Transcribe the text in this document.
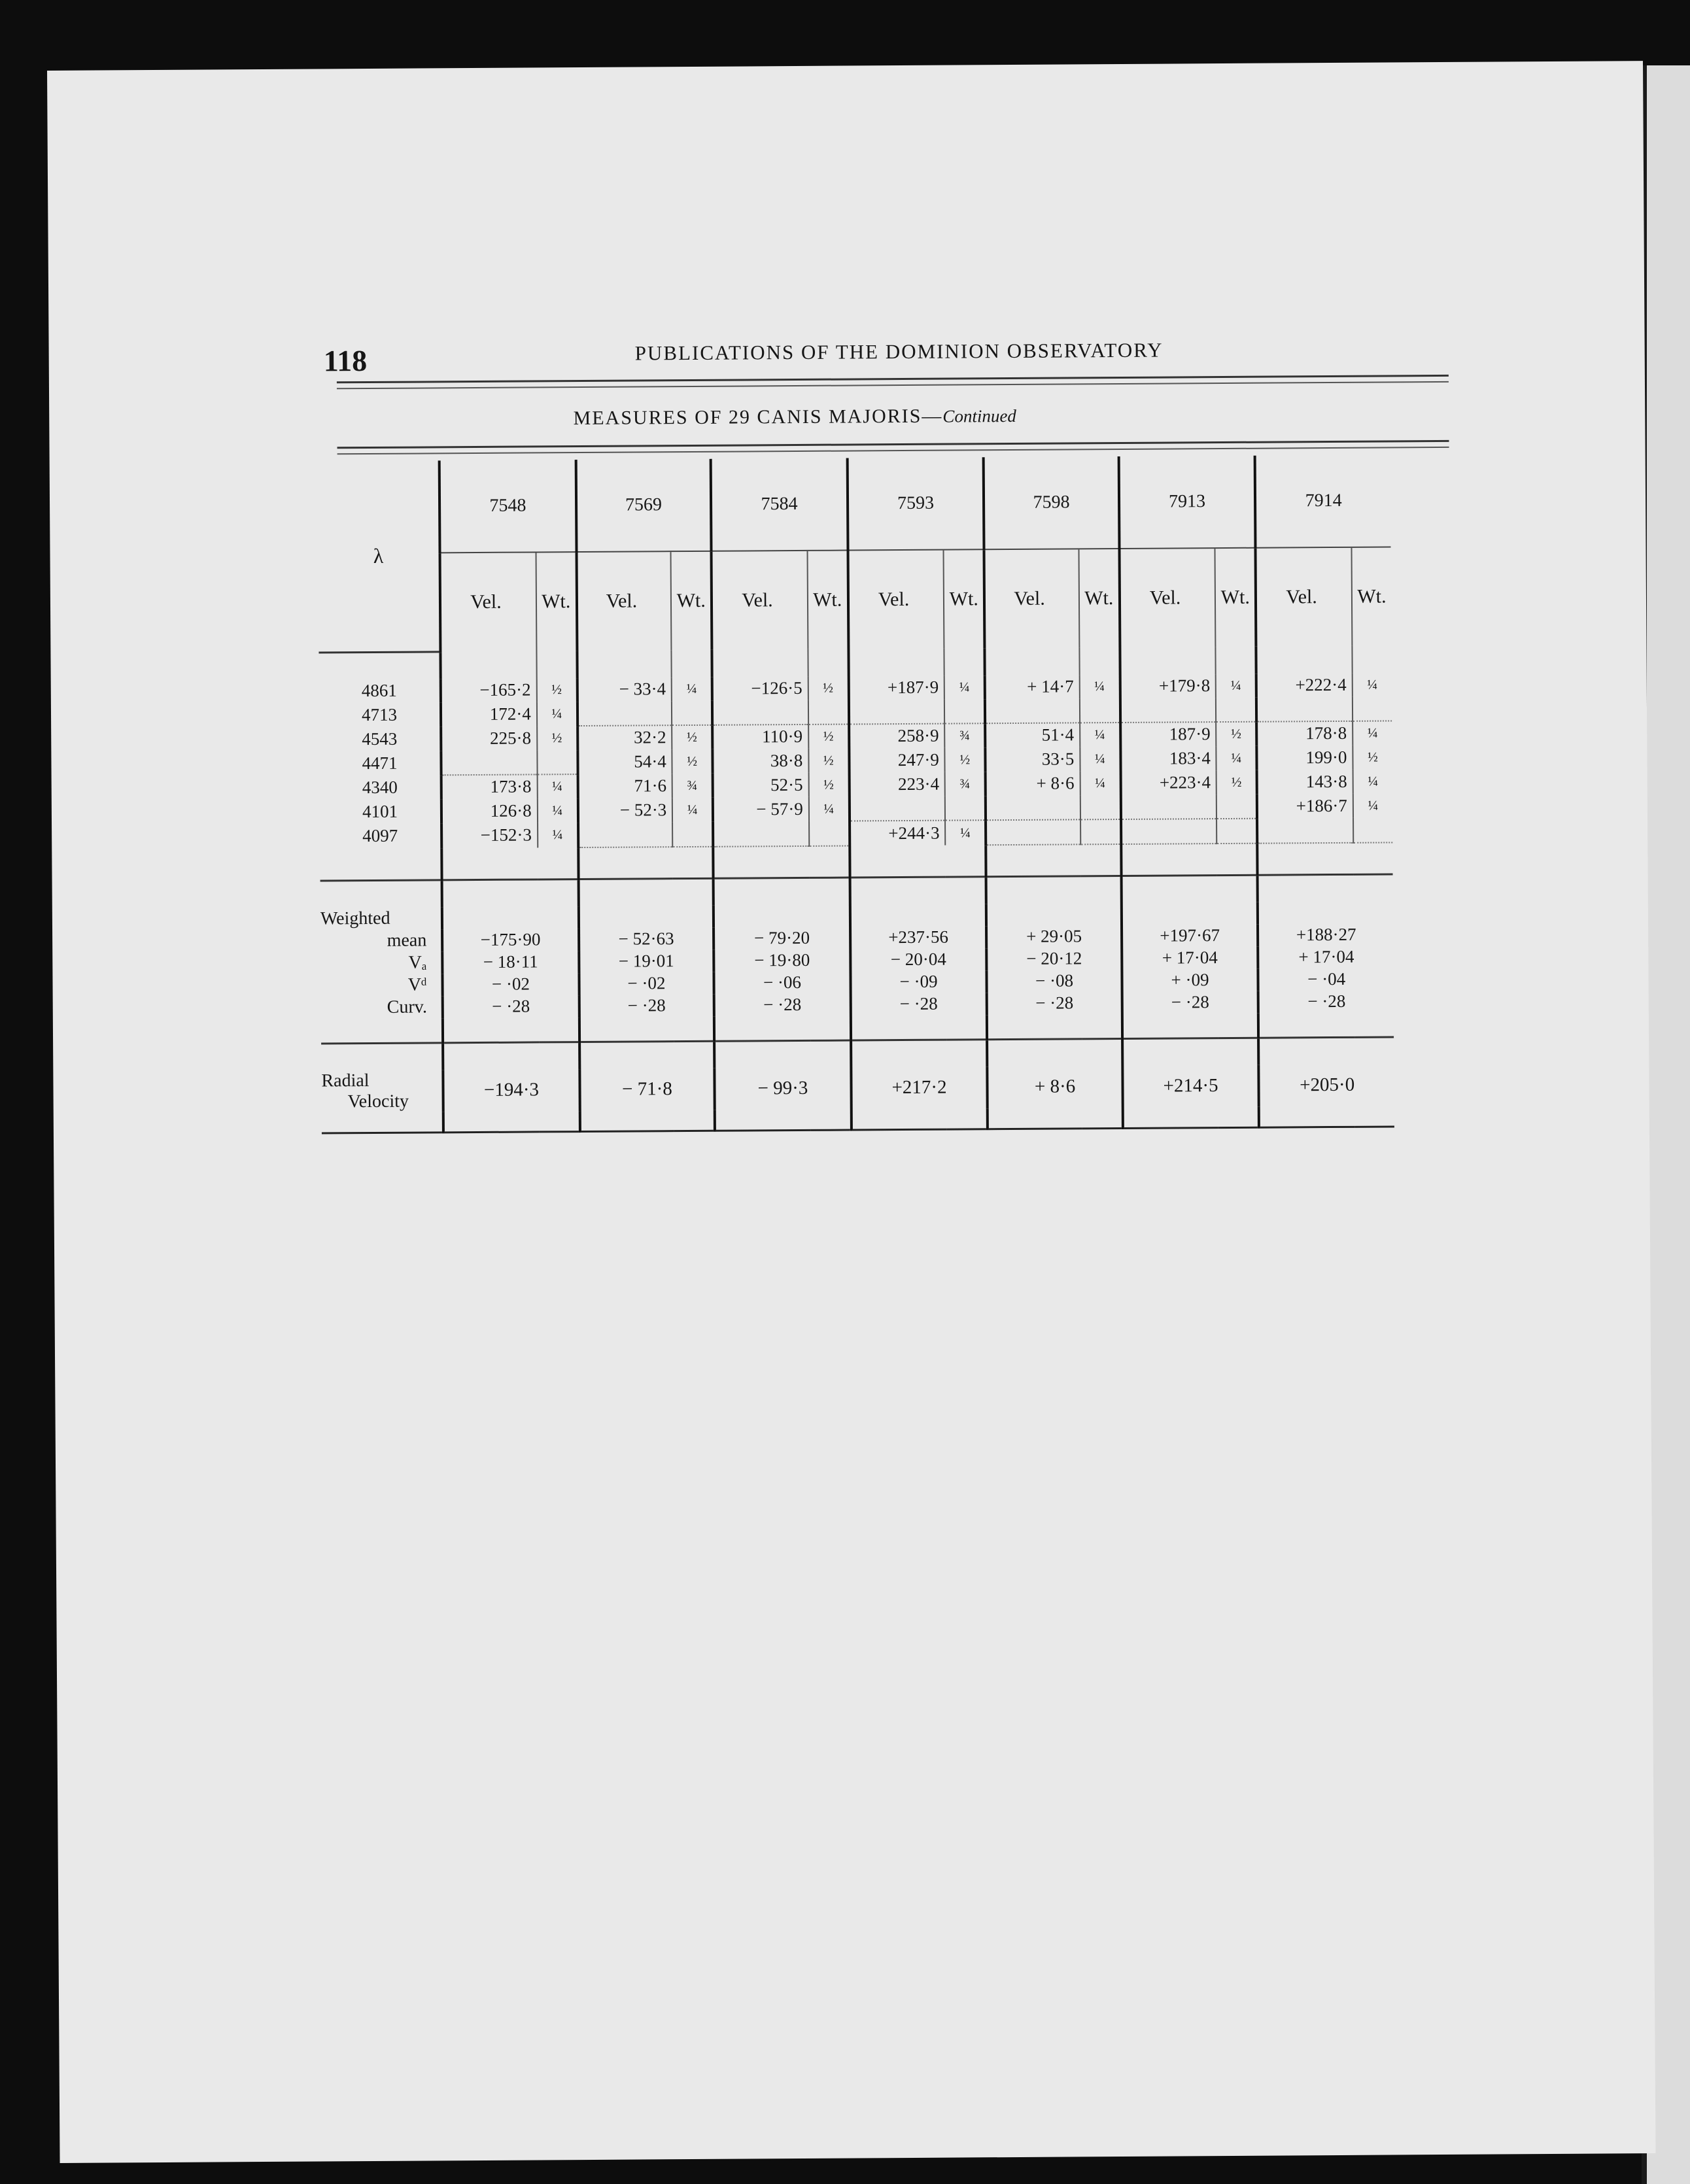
118	PUBLICATIONS OF THE DOMINION OBSERVATORY
MEASURES OF 29 CANIS MAJORIS—Continued
λ	7548		7569		7584		7593		7598		7913		7914	
	Vel.	Wt.	Vel.	Wt.	Vel.	Wt.	Vel.	Wt.	Vel.	Wt.	Vel.	Wt.	Vel.	Wt.

4861	−165·2	½	− 33·4	¼	−126·5	½	+187·9	¼	+ 14·7	¼	+179·8	¼	+222·4	¼
4713	172·4	¼												
4543	225·8	½	32·2	½	110·9	½	258·9	¾	51·4	¼	187·9	½	178·8	¼
4471			54·4	½	38·8	½	247·9	½	33·5	¼	183·4	¼	199·0	½
4340	173·8	¼	71·6	¾	52·5	½	223·4	¾	+ 8·6	¼	+223·4	½	143·8	¼
4101	126·8	¼	− 52·3	¼	− 57·9	¼							+186·7	¼
4097	−152·3	¼					+244·3	¼						

Weighted														
mean	−175·90		− 52·63		− 79·20		+237·56		+ 29·05		+197·67		+188·27	
Vₐ	− 18·11		− 19·01		− 19·80		− 20·04		− 20·12		+ 17·04		+ 17·04	
Vᵈ	− ·02		− ·02		− ·06		− ·09		− ·08		+ ·09		− ·04	
Curv.	− ·28		− ·28		− ·28		− ·28		− ·28		− ·28		− ·28	

Radial
Velocity	−194·3		− 71·8		− 99·3		+217·2		+ 8·6		+214·5		+205·0	
